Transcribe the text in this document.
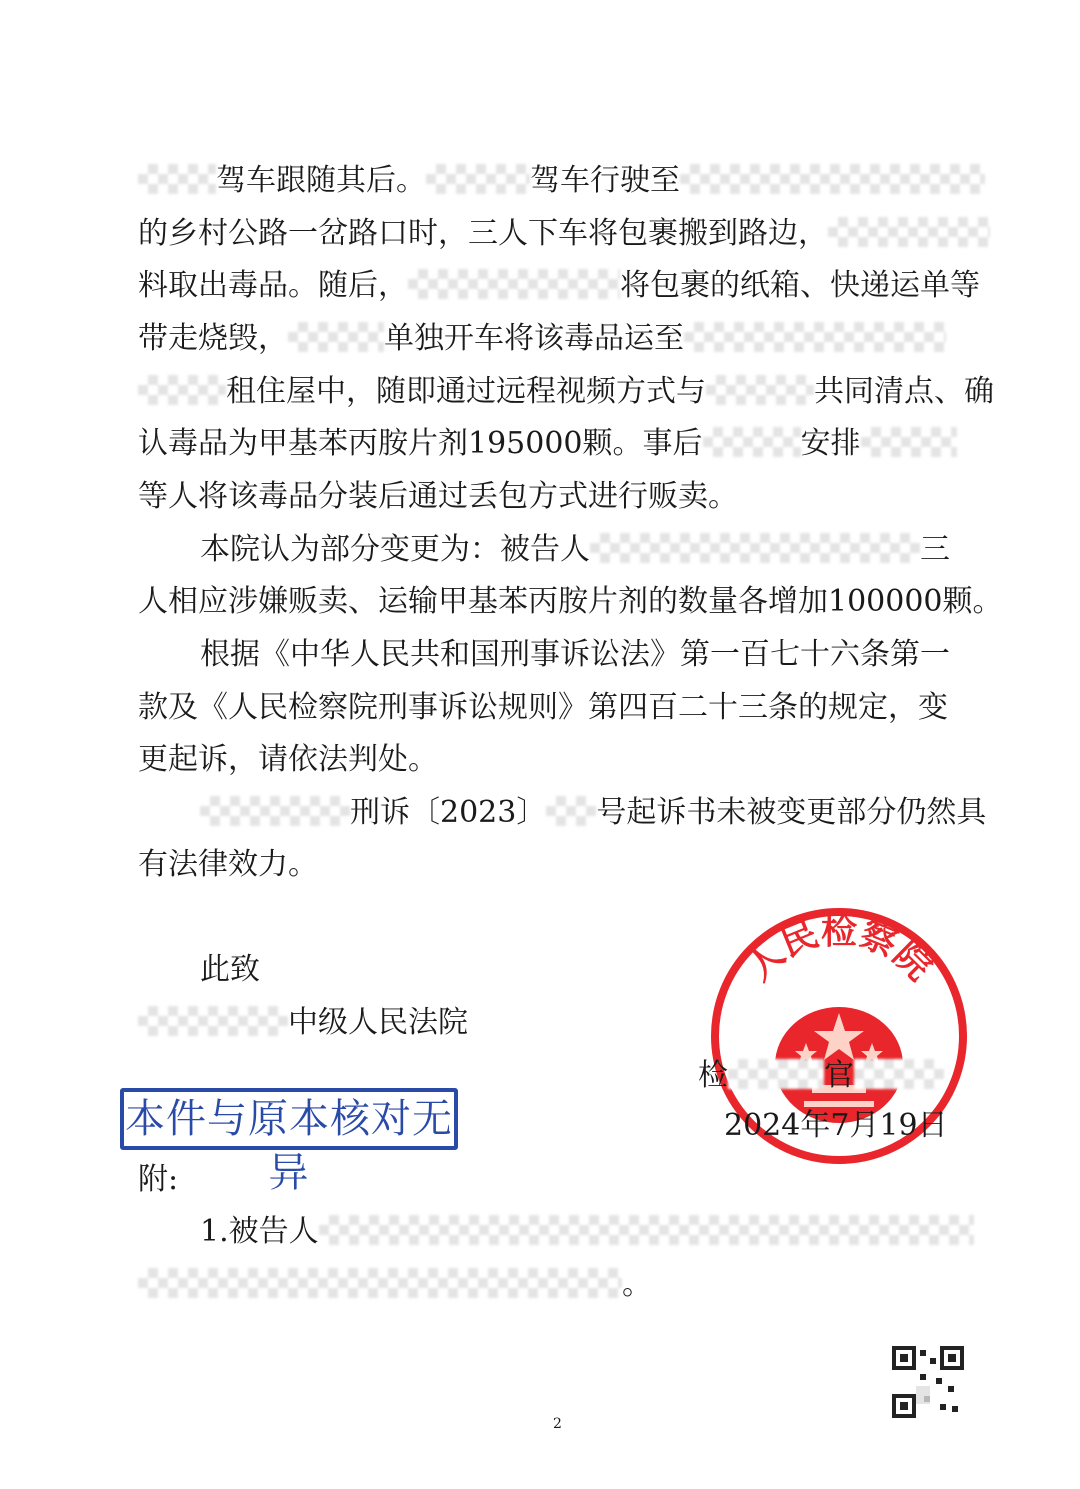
驾车跟随其后。	驾车行驶至
的乡村公路一岔路口时，三人下车将包裹搬到路边，
料取出毒品。随后，	将包裹的纸箱、快递运单等
带走烧毁，	单独开车将该毒品运至
租住屋中，随即通过远程视频方式与	共同清点、确
认毒品为甲基苯丙胺片剂195000颗。事后	安排
等人将该毒品分装后通过丢包方式进行贩卖。
本院认为部分变更为：被告人	三
人相应涉嫌贩卖、运输甲基苯丙胺片剂的数量各增加100000颗。
根据《中华人民共和国刑事诉讼法》第一百七十六条第一
款及《人民检察院刑事诉讼规则》第四百二十三条的规定，变
更起诉，请依法判处。
刑诉〔2023〕 号起诉书未被变更部分仍然具
有法律效力。
此致
中级人民法院
人民检察院
检	官
2024年7月19日
本件与原本核对无异
附:
1.被告人
。
2
